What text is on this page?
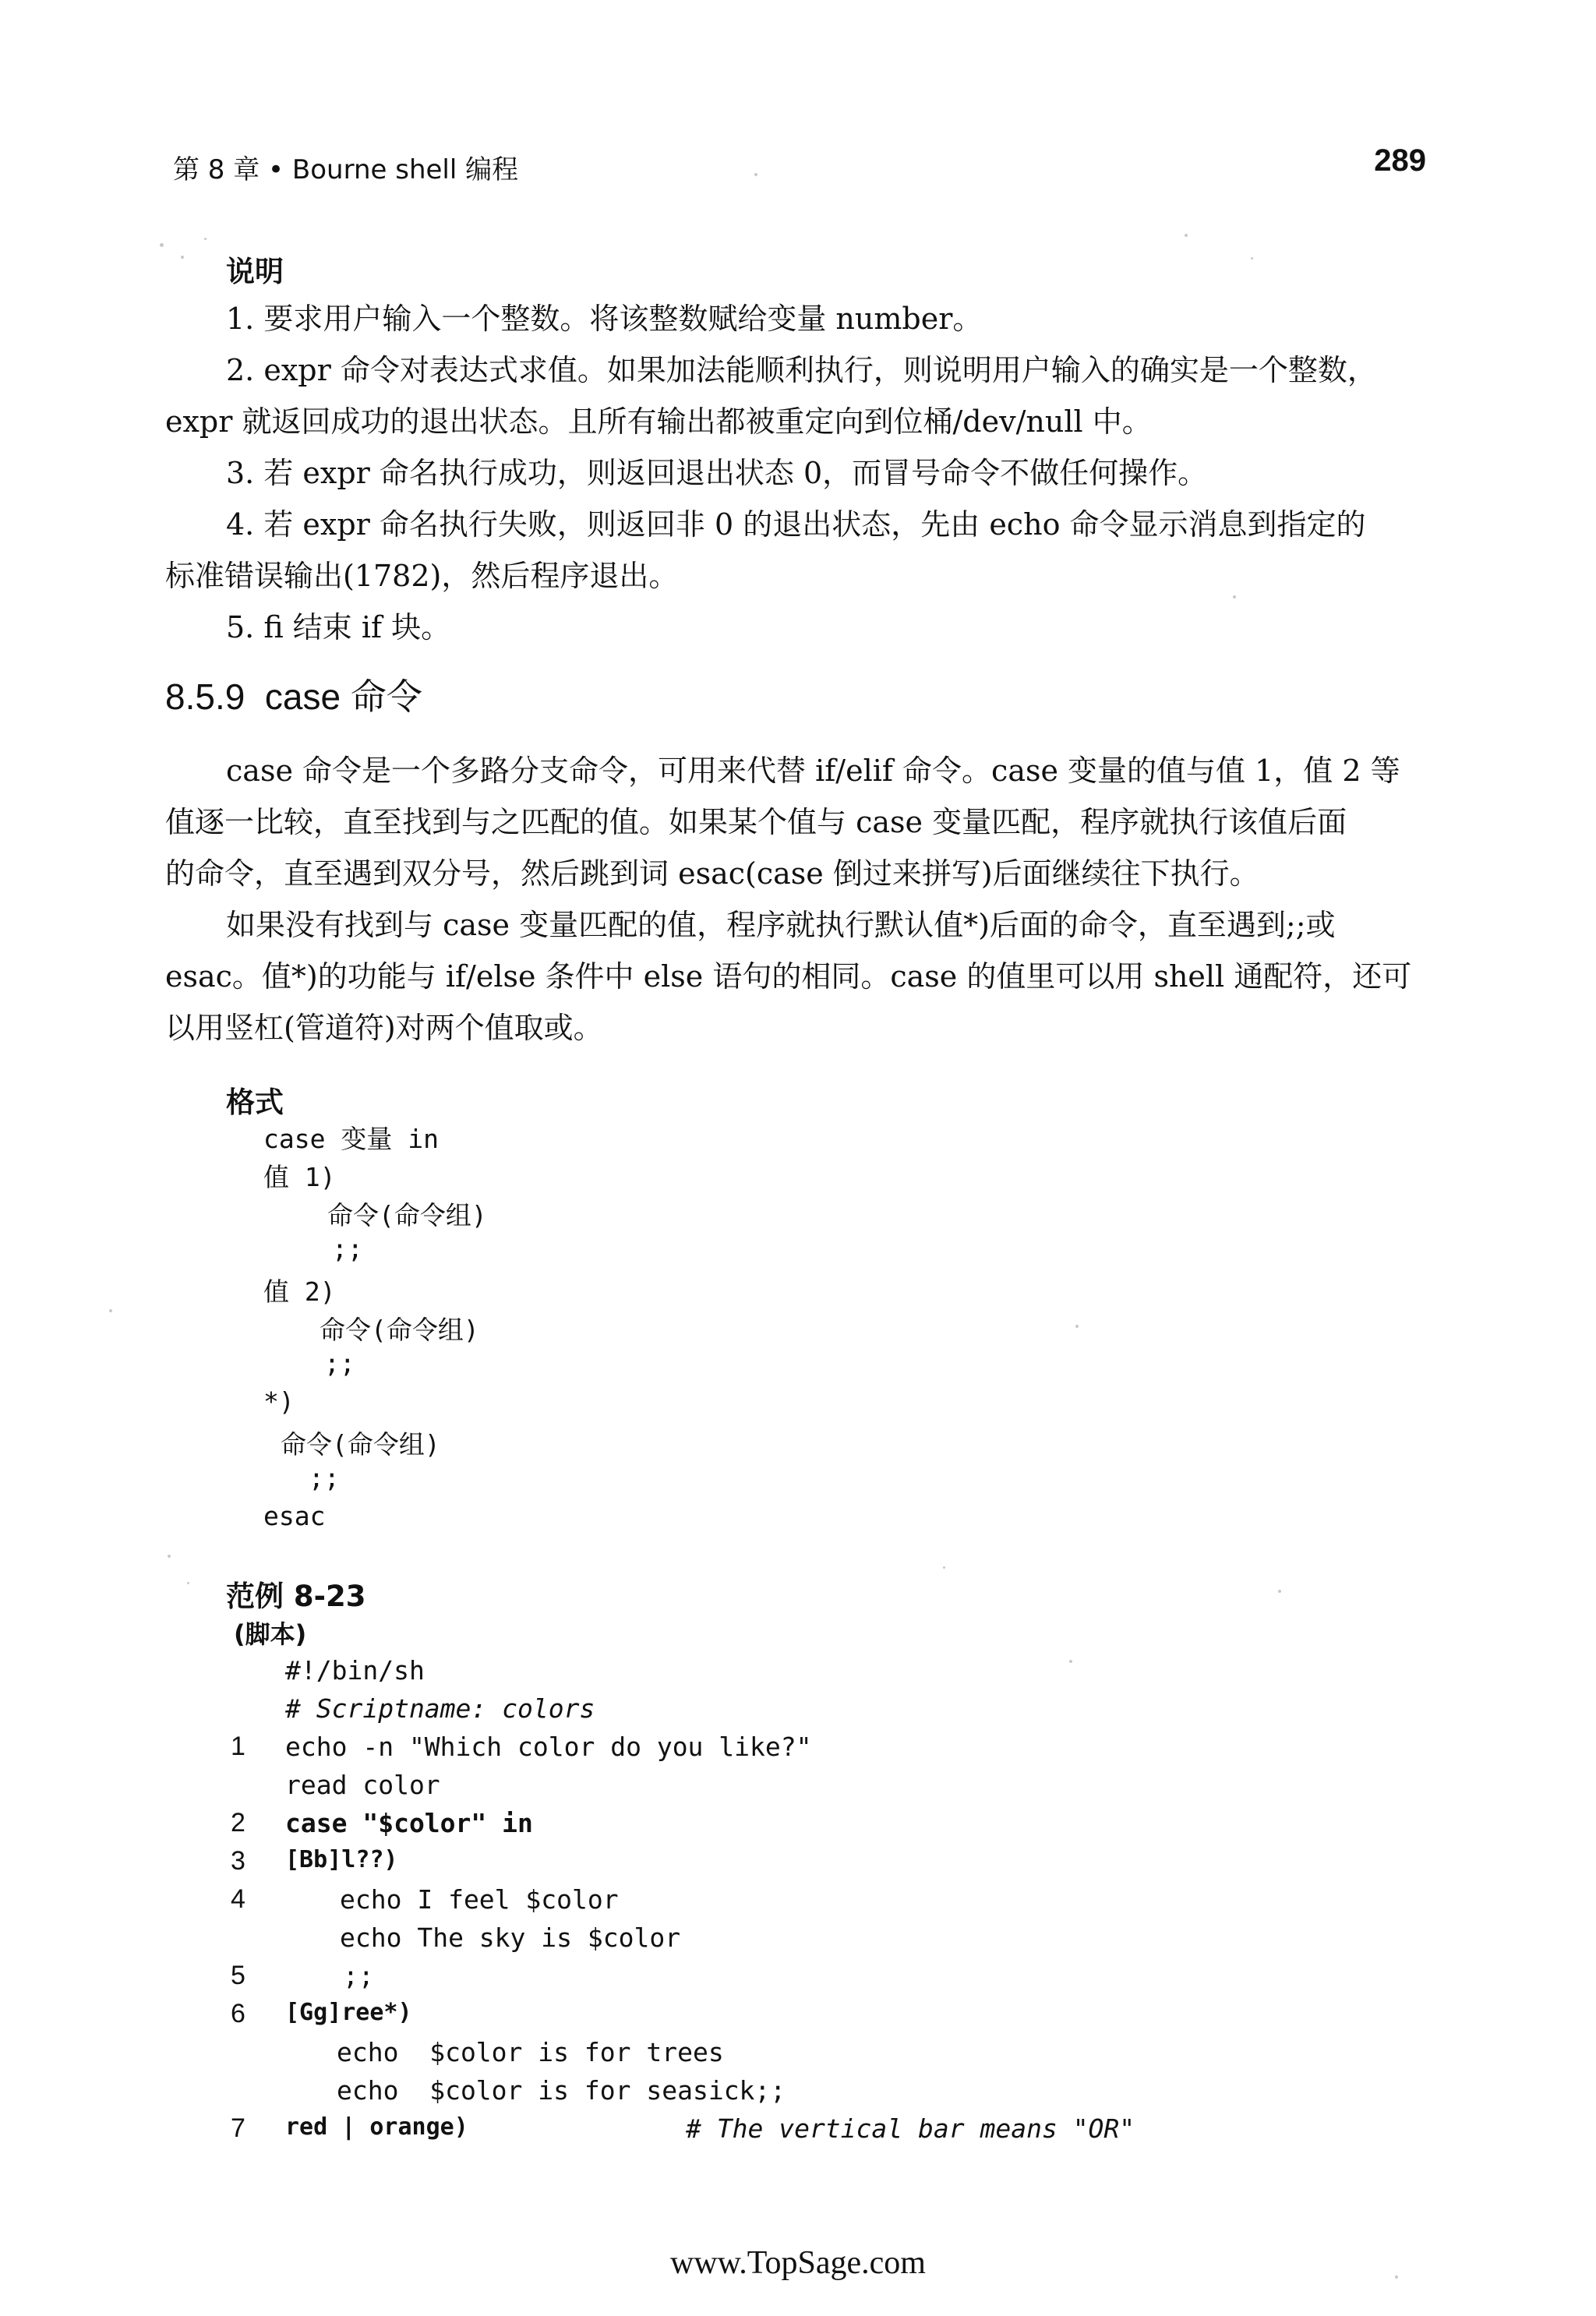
第 8 章 • Bourne shell 编程	289
说明
1. 要求用户输入一个整数。将该整数赋给变量 number。
2. expr 命令对表达式求值。如果加法能顺利执行，则说明用户输入的确实是一个整数，
expr 就返回成功的退出状态。且所有输出都被重定向到位桶/dev/null 中。
3. 若 expr 命名执行成功，则返回退出状态 0，而冒号命令不做任何操作。
4. 若 expr 命名执行失败，则返回非 0 的退出状态，先由 echo 命令显示消息到指定的
标准错误输出(1782)，然后程序退出。
5. fi 结束 if 块。
8.5.9  case 命令
case 命令是一个多路分支命令，可用来代替 if/elif 命令。case 变量的值与值 1，值 2 等
值逐一比较，直至找到与之匹配的值。如果某个值与 case 变量匹配，程序就执行该值后面
的命令，直至遇到双分号，然后跳到词 esac(case 倒过来拼写)后面继续往下执行。
如果没有找到与 case 变量匹配的值，程序就执行默认值*)后面的命令，直至遇到;;或
esac。值*)的功能与 if/else 条件中 else 语句的相同。case 的值里可以用 shell 通配符，还可
以用竖杠(管道符)对两个值取或。
格式
case 变量 in
值 1)
命令(命令组)
;;
值 2)
命令(命令组)
;;
*)
命令(命令组)
;;
esac
范例 8-23
(脚本)
#!/bin/sh
# Scriptname: colors
1 echo -n "Which color do you like?"
read color
2 case "$color" in
3 [Bb]l??)
4	echo I feel $color
echo The sky is $color
5	;;
6 [Gg]ree*)
echo  $color is for trees
echo  $color is for seasick;;
7 red | orange)	# The vertical bar means "OR"
www.TopSage.com
